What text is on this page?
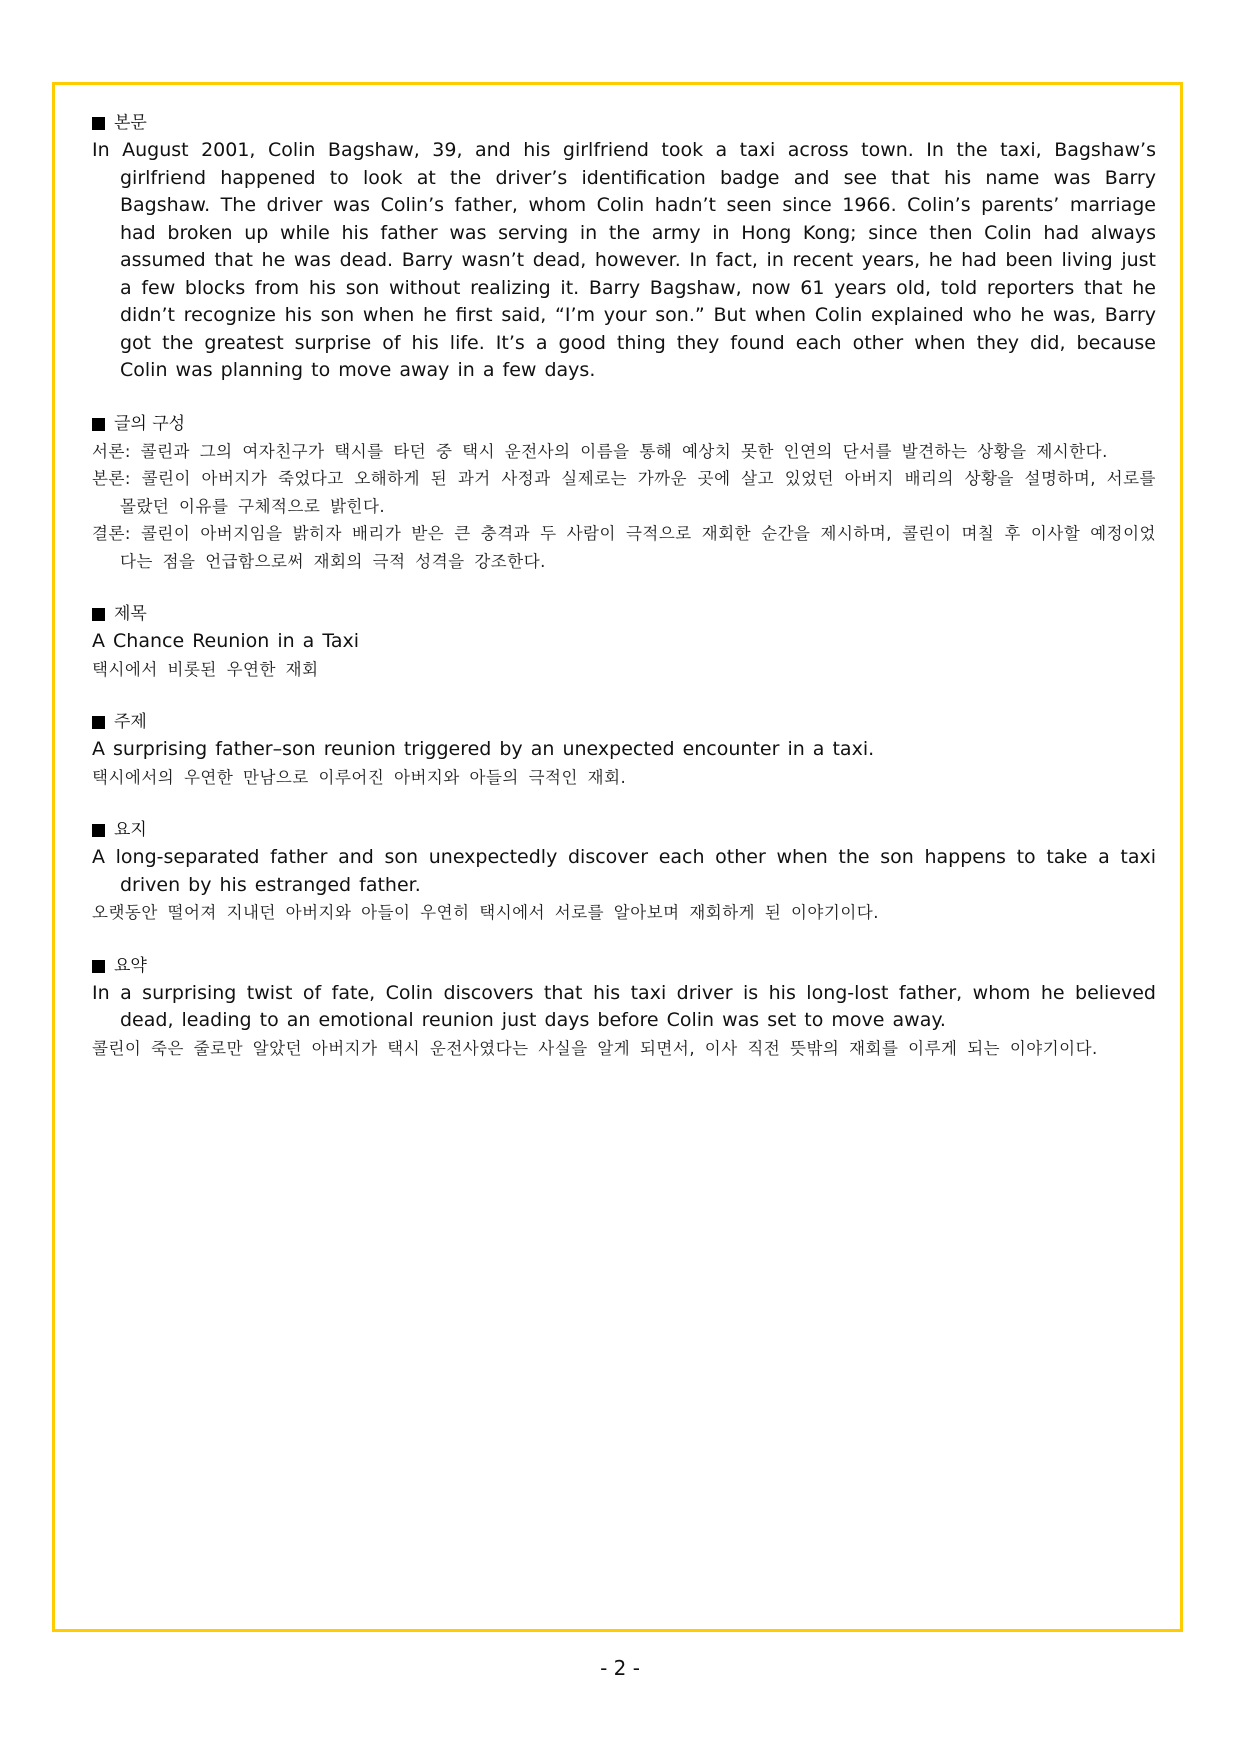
본문
In August 2001, Colin Bagshaw, 39, and his girlfriend took a taxi across town. In the taxi, Bagshaw’s girlfriend happened to look at the driver’s identification badge and see that his name was Barry Bagshaw. The driver was Colin’s father, whom Colin hadn’t seen since 1966. Colin’s parents’ marriage had broken up while his father was serving in the army in Hong Kong; since then Colin had always assumed that he was dead. Barry wasn’t dead, however. In fact, in recent years, he had been living just a few blocks from his son without realizing it. Barry Bagshaw, now 61 years old, told reporters that he didn’t recognize his son when he first said, “I’m your son.” But when Colin explained who he was, Barry got the greatest surprise of his life. It’s a good thing they found each other when they did, because Colin was planning to move away in a few days.
글의 구성
서론: 콜린과 그의 여자친구가 택시를 타던 중 택시 운전사의 이름을 통해 예상치 못한 인연의 단서를 발견하는 상황을 제시한다.
본론: 콜린이 아버지가 죽었다고 오해하게 된 과거 사정과 실제로는 가까운 곳에 살고 있었던 아버지 배리의 상황을 설명하며, 서로를 몰랐던 이유를 구체적으로 밝힌다.
결론: 콜린이 아버지임을 밝히자 배리가 받은 큰 충격과 두 사람이 극적으로 재회한 순간을 제시하며, 콜린이 며칠 후 이사할 예정이었다는 점을 언급함으로써 재회의 극적 성격을 강조한다.
제목
A Chance Reunion in a Taxi
택시에서 비롯된 우연한 재회
주제
A surprising father–son reunion triggered by an unexpected encounter in a taxi.
택시에서의 우연한 만남으로 이루어진 아버지와 아들의 극적인 재회.
요지
A long-separated father and son unexpectedly discover each other when the son happens to take a taxi driven by his estranged father.
오랫동안 떨어져 지내던 아버지와 아들이 우연히 택시에서 서로를 알아보며 재회하게 된 이야기이다.
요약
In a surprising twist of fate, Colin discovers that his taxi driver is his long-lost father, whom he believed dead, leading to an emotional reunion just days before Colin was set to move away.
콜린이 죽은 줄로만 알았던 아버지가 택시 운전사였다는 사실을 알게 되면서, 이사 직전 뜻밖의 재회를 이루게 되는 이야기이다.
- 2 -
